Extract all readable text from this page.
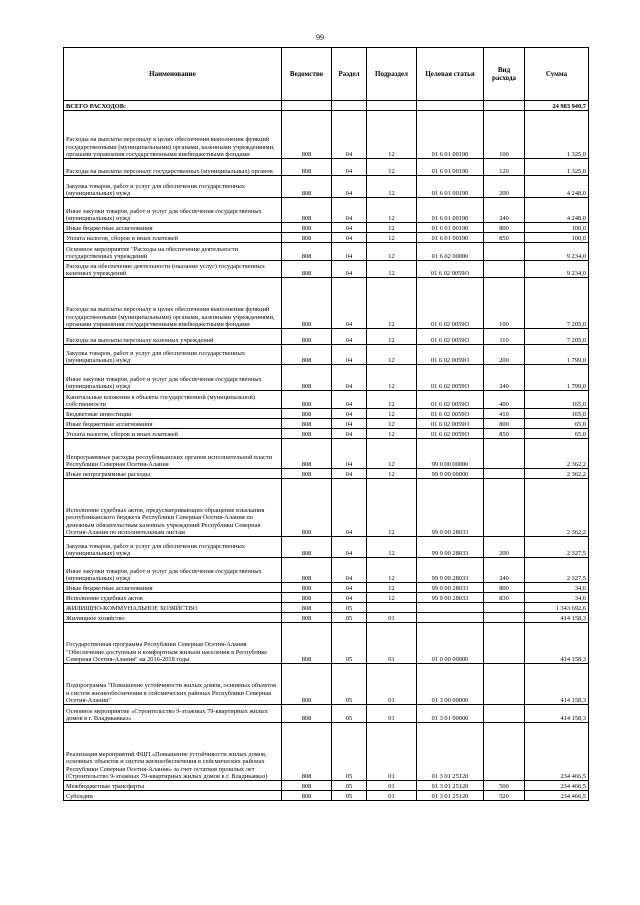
99
Наименование	Ведомство	Раздел	Подраздел	Целевая статья	Вид расхода	Сумма
ВСЕГО РАСХОДОВ:						24 983 940,7
Расходы на выплаты персоналу в целях обеспечения выполнения функций государственными (муниципальными) органами, казенными учреждениями, органами управления государственными внебюджетными фондами	808	04	12	01 6 01 00190	100	1 325,0
Расходы на выплаты персоналу государственных (муниципальных) органов	808	04	12	01 6 01 00190	120	1 325,0
Закупка товаров, работ и услуг для обеспечения государственных (муниципальных) нужд	808	04	12	01 6 01 00190	200	4 248,0
Иные закупки товаров, работ и услуг для обеспечения государственных (муниципальных) нужд	808	04	12	01 6 01 00190	240	4 248,0
Иные бюджетные ассигнования	808	04	12	01 6 01 00190	800	100,0
Уплата налогов, сборов и иных платежей	808	04	12	01 6 01 00190	850	100,0
Основное мероприятие "Расходы на обеспечение деятельности государственных учреждений	808	04	12	01 6 02 00000		9 234,0
Расходы на обеспечение деятельности (оказание услуг) государственных казенных учреждений	808	04	12	01 6 02 0059О		9 234,0
Расходы на выплаты персоналу в целях обеспечения выполнения функций государственными (муниципальными) органами, казенными учреждениями, органами управления государственными внебюджетными фондами	808	04	12	01 6 02 0059О	100	7 205,0
Расходы на выплаты персоналу казенных учреждений	808	04	12	01 6 02 0059О	110	7 205,0
Закупка товаров, работ и услуг для обеспечения государственных (муниципальных) нужд	808	04	12	01 6 02 0059О	200	1 799,0
Иные закупки товаров, работ и услуг для обеспечения государственных (муниципальных) нужд	808	04	12	01 6 02 0059О	240	1 799,0
Капитальные вложения в объекты государственной (муниципальной) собственности	808	04	12	01 6 02 0059О	400	165,0
Бюджетные инвестиции	808	04	12	01 6 02 0059О	410	165,0
Иные бюджетные ассигнования	808	04	12	01 6 02 0059О	800	65,0
Уплата налогов, сборов и иных платежей	808	04	12	01 6 02 0059О	850	65,0
Непрограммные расходы республиканских органов исполнительной власти Республики Северная Осетия-Алания	808	04	12	99 0 00 00000		2 362,2
Иные непрограммные расходы	808	04	12	99 9 00 00000		2 362,2
Исполнение судебных актов, предусматривающих обращение взыскания республиканского бюджета Республики Северная Осетия-Алания по денежным обязательствам казенных учреждений Республики Северная Осетия-Алания по исполнительным листам	808	04	12	99 9 00 28033		2 362,2
Закупка товаров, работ и услуг для обеспечения государственных (муниципальных) нужд	808	04	12	99 9 00 28033	200	2 327,5
Иные закупки товаров, работ и услуг для обеспечения государственных (муниципальных) нужд	808	04	12	99 9 00 28033	240	2 327,5
Иные бюджетные ассигнования	808	04	12	99 9 00 28033	800	34,6
Исполнение судебных актов	808	04	12	99 9 00 28033	830	34,6
ЖИЛИЩНО-КОММУНАЛЬНОЕ ХОЗЯЙСТВО	808	05				1 343 692,6
Жилищное хозяйство	808	05	01			414 158,3
Государственная программа Республики Северная Осетия-Алания "Обеспечение доступным и комфортным жильем населения в Республике Северная Осетия-Алания" на 2016-2018 годы	808	05	01	01 0 00 00000		414 158,3
Подпрограмма "Повышение устойчивости жилых домов, основных объектов и систем жизнеобеспечения в сейсмических районах Республики Северная Осетия-Алания"	808	05	01	01 3 00 00000		414 158,3
Основное мероприятие «Строительство 9-этажных 79-квартирных жилых домов в г. Владикавказ»	808	05	01	01 3 01 00000		414 158,3
Реализация мероприятий ФЦП «Повышение устойчивости жилых домов, основных объектов и систем жизнеобеспечения в сейсмических районах Республики Северная Осетия-Алания» за счет остатков прошлых лет (Строительство 9-этажных 79-квартирных жилых домов в г. Владикавказ)	808	05	01	01 3 01 25120		234 466,5
Межбюджетные трансферты	808	05	01	01 3 01 25120	500	234 466,5
Субсидии	808	05	01	01 3 01 25120	520	234 466,5
